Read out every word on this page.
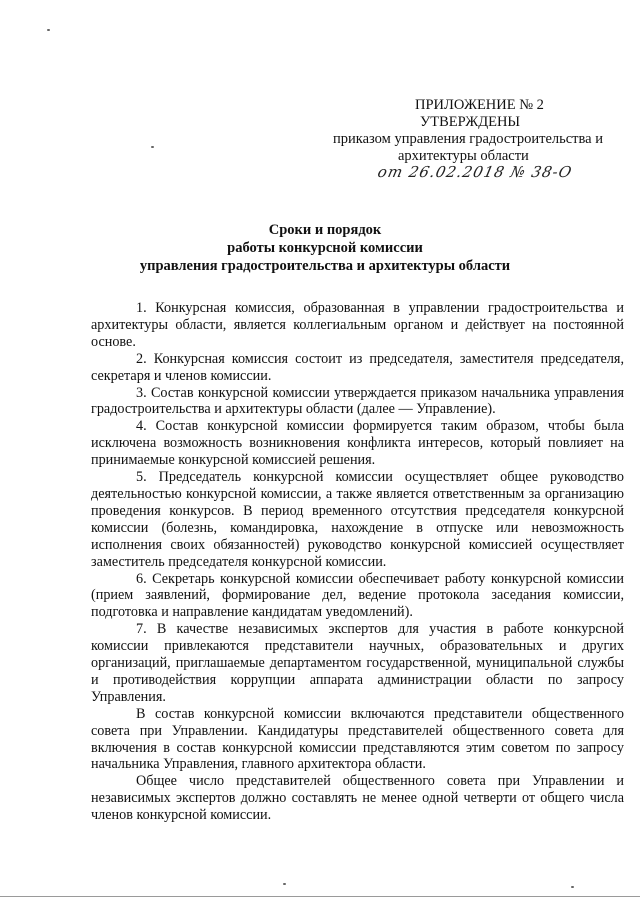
ПРИЛОЖЕНИЕ № 2
УТВЕРЖДЕНЫ
приказом управления градостроительства и
архитектуры области
от 26.02.2018 № 38-О
Сроки и порядок
работы конкурсной комиссии
управления градостроительства и архитектуры области

1. Конкурсная комиссия, образованная в управлении градостроительства и архитектуры области, является коллегиальным органом и действует на постоянной основе.

2. Конкурсная комиссия состоит из председателя, заместителя председателя, секретаря и членов комиссии.

3. Состав конкурсной комиссии утверждается приказом начальника управления градостроительства и архитектуры области (далее — Управление).

4. Состав конкурсной комиссии формируется таким образом, чтобы была исключена возможность возникновения конфликта интересов, который повлияет на принимаемые конкурсной комиссией решения.

5. Председатель конкурсной комиссии осуществляет общее руководство деятельностью конкурсной комиссии, а также является ответственным за организацию проведения конкурсов. В период временного отсутствия председателя конкурсной комиссии (болезнь, командировка, нахождение в отпуске или невозможность исполнения своих обязанностей) руководство конкурсной комиссией осуществляет заместитель председателя конкурсной комиссии.

6. Секретарь конкурсной комиссии обеспечивает работу конкурсной комиссии (прием заявлений, формирование дел, ведение протокола заседания комиссии, подготовка и направление кандидатам уведомлений).

7. В качестве независимых экспертов для участия в работе конкурсной комиссии привлекаются представители научных, образовательных и других организаций, приглашаемые департаментом государственной, муниципальной службы и противодействия коррупции аппарата администрации области по запросу Управления.

В состав конкурсной комиссии включаются представители общественного совета при Управлении. Кандидатуры представителей общественного совета для включения в состав конкурсной комиссии представляются этим советом по запросу начальника Управления, главного архитектора области.

Общее число представителей общественного совета при Управлении и независимых экспертов должно составлять не менее одной четверти от общего числа членов конкурсной комиссии.
